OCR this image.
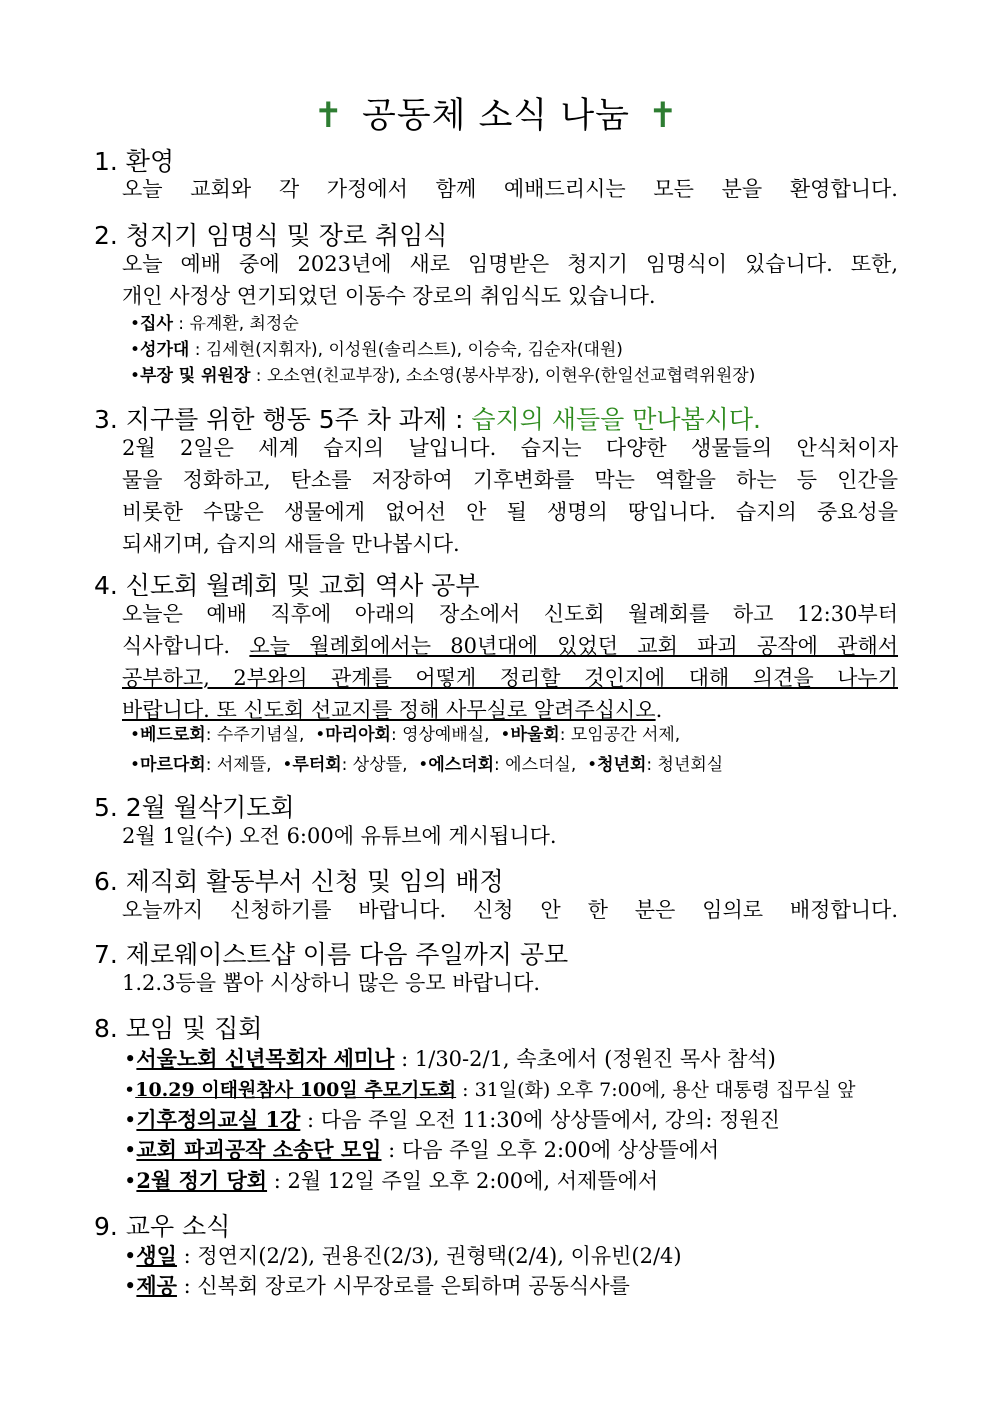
✝ 공동체 소식 나눔 ✝
1. 환영
오늘 교회와 각 가정에서 함께 예배드리시는 모든 분을 환영합니다.
2. 청지기 임명식 및 장로 취임식
오늘 예배 중에 2023년에 새로 임명받은 청지기 임명식이 있습니다. 또한,
개인 사정상 연기되었던 이동수 장로의 취임식도 있습니다.
•집사 : 유계환, 최정순
•성가대 : 김세현(지휘자), 이성원(솔리스트), 이승숙, 김순자(대원)
•부장 및 위원장 : 오소연(친교부장), 소소영(봉사부장), 이현우(한일선교협력위원장)
3. 지구를 위한 행동 5주 차 과제 : 습지의 새들을 만나봅시다.
2월 2일은 세계 습지의 날입니다. 습지는 다양한 생물들의 안식처이자
물을 정화하고, 탄소를 저장하여 기후변화를 막는 역할을 하는 등 인간을
비롯한 수많은 생물에게 없어선 안 될 생명의 땅입니다. 습지의 중요성을
되새기며, 습지의 새들을 만나봅시다.
4. 신도회 월례회 및 교회 역사 공부
오늘은 예배 직후에 아래의 장소에서 신도회 월례회를 하고 12:30부터
식사합니다. 오늘 월례회에서는 80년대에 있었던 교회 파괴 공작에 관해서
공부하고, 2부와의 관계를 어떻게 정리할 것인지에 대해 의견을 나누기
바랍니다. 또 신도회 선교지를 정해 사무실로 알려주십시오.
•베드로회: 수주기념실,  •마리아회: 영상예배실,  •바울회: 모임공간 서제,
•마르다회: 서제뜰,  •루터회: 상상뜰,  •에스더회: 에스더실,  •청년회: 청년회실
5. 2월 월삭기도회
2월 1일(수) 오전 6:00에 유튜브에 게시됩니다.
6. 제직회 활동부서 신청 및 임의 배정
오늘까지 신청하기를 바랍니다. 신청 안 한 분은 임의로 배정합니다.
7. 제로웨이스트샵 이름 다음 주일까지 공모
1.2.3등을 뽑아 시상하니 많은 응모 바랍니다.
8. 모임 및 집회
•서울노회 신년목회자 세미나 : 1/30-2/1, 속초에서 (정원진 목사 참석)
•10.29 이태원참사 100일 추모기도회 : 31일(화) 오후 7:00에, 용산 대통령 집무실 앞
•기후정의교실 1강 : 다음 주일 오전 11:30에 상상뜰에서, 강의: 정원진
•교회 파괴공작 소송단 모임 : 다음 주일 오후 2:00에 상상뜰에서
•2월 정기 당회 : 2월 12일 주일 오후 2:00에, 서제뜰에서
9. 교우 소식
•생일 : 정연지(2/2), 권용진(2/3), 권형택(2/4), 이유빈(2/4)
•제공 : 신복회 장로가 시무장로를 은퇴하며 공동식사를
